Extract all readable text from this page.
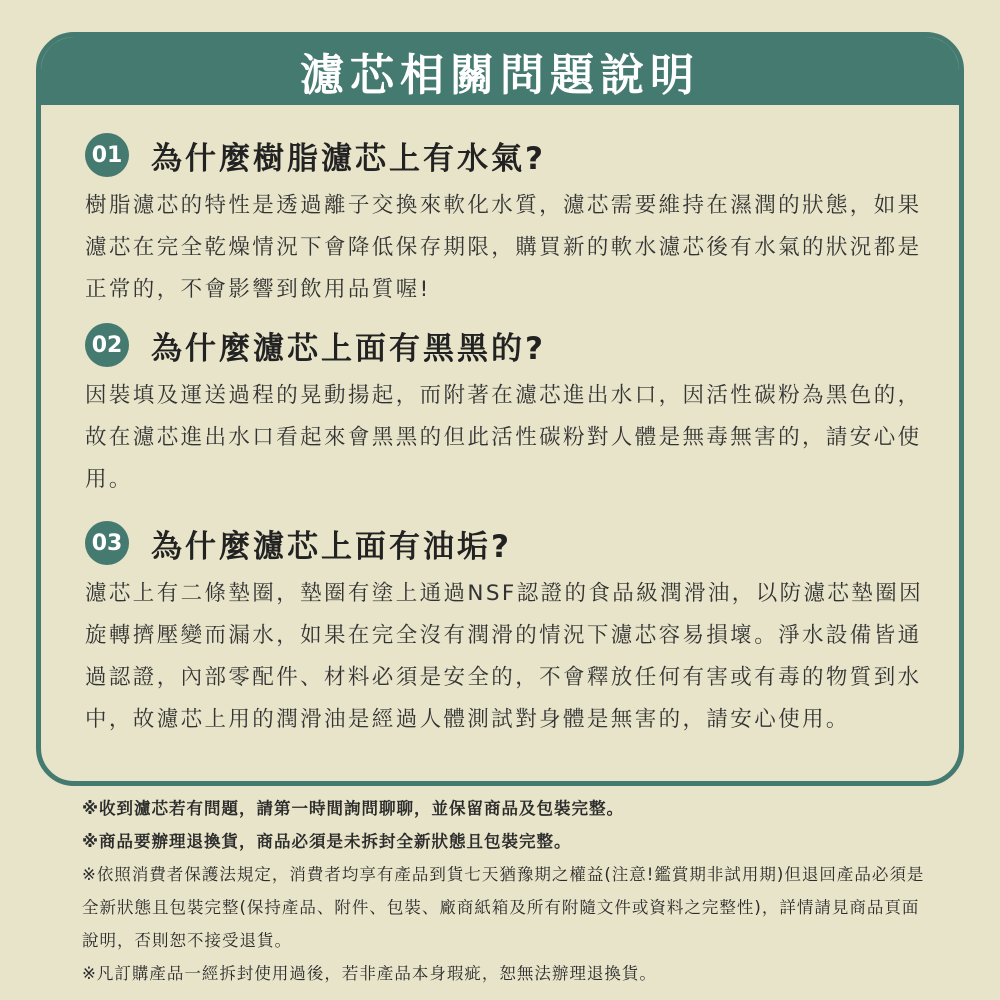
濾芯相關問題說明
01 為什麼樹脂濾芯上有水氣?
樹脂濾芯的特性是透過離子交換來軟化水質，濾芯需要維持在濕潤的狀態，如果濾芯在完全乾燥情況下會降低保存期限，購買新的軟水濾芯後有水氣的狀況都是正常的，不會影響到飲用品質喔!
02 為什麼濾芯上面有黑黑的?
因裝填及運送過程的晃動揚起，而附著在濾芯進出水口，因活性碳粉為黑色的，故在濾芯進出水口看起來會黑黑的但此活性碳粉對人體是無毒無害的，請安心使用。
03 為什麼濾芯上面有油垢?
濾芯上有二條墊圈，墊圈有塗上通過NSF認證的食品級潤滑油，以防濾芯墊圈因旋轉擠壓變而漏水，如果在完全沒有潤滑的情況下濾芯容易損壞。淨水設備皆通過認證，內部零配件、材料必須是安全的，不會釋放任何有害或有毒的物質到水中，故濾芯上用的潤滑油是經過人體測試對身體是無害的，請安心使用。
※收到濾芯若有問題，請第一時間詢問聊聊，並保留商品及包裝完整。
※商品要辦理退換貨，商品必須是未拆封全新狀態且包裝完整。
※依照消費者保護法規定，消費者均享有產品到貨七天猶豫期之權益(注意!鑑賞期非試用期)但退回產品必須是全新狀態且包裝完整(保持產品、附件、包裝、廠商紙箱及所有附隨文件或資料之完整性)，詳情請見商品頁面說明，否則恕不接受退貨。
※凡訂購產品一經拆封使用過後，若非產品本身瑕疵，恕無法辦理退換貨。
